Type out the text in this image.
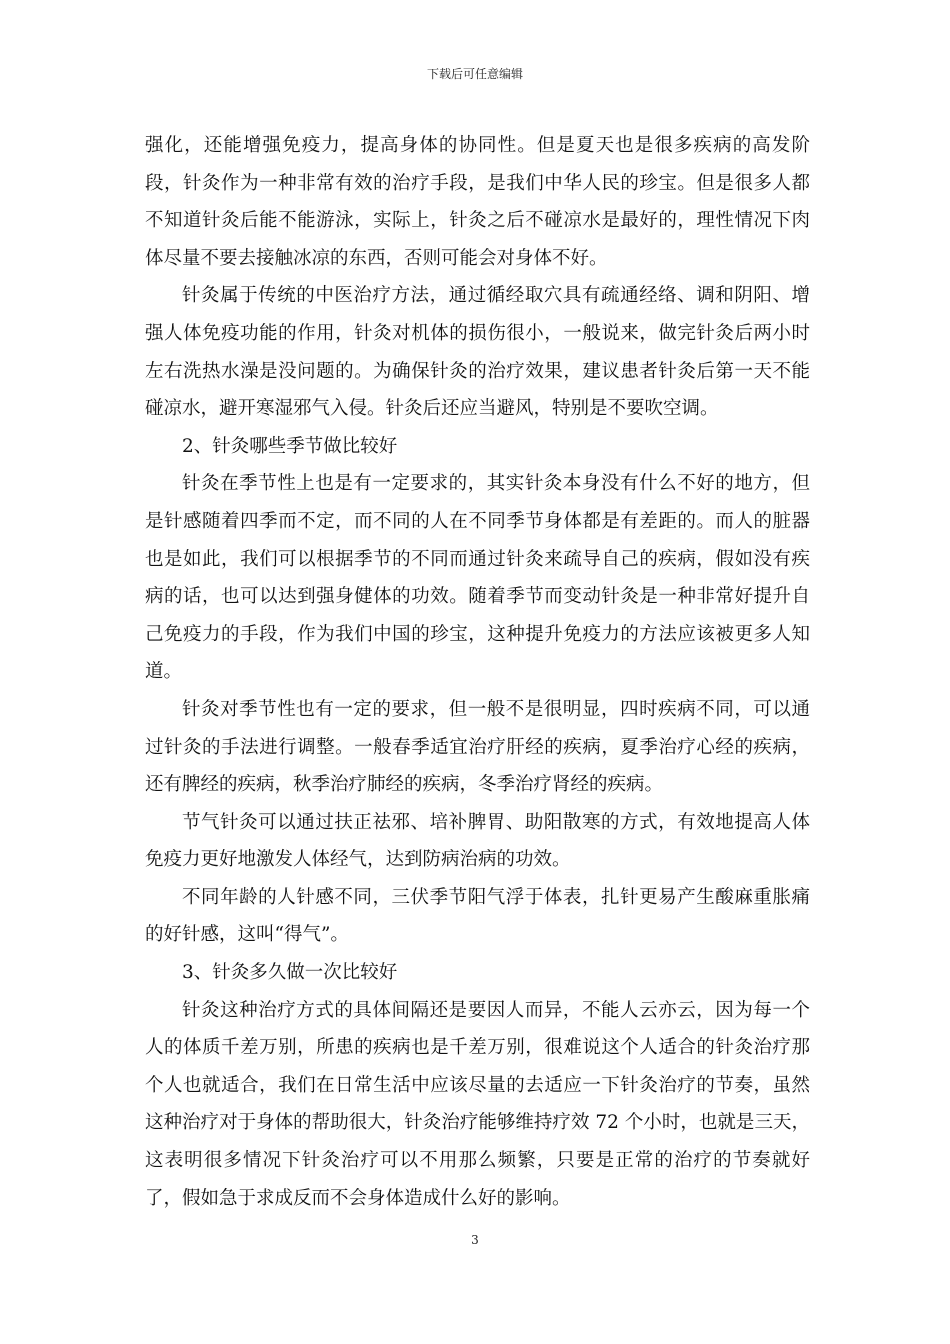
下载后可任意编辑

强化，还能增强免疫力，提高身体的协同性。但是夏天也是很多疾病的高发阶段，针灸作为一种非常有效的治疗手段，是我们中华人民的珍宝。但是很多人都不知道针灸后能不能游泳，实际上，针灸之后不碰凉水是最好的，理性情况下肉体尽量不要去接触冰凉的东西，否则可能会对身体不好。

针灸属于传统的中医治疗方法，通过循经取穴具有疏通经络、调和阴阳、增强人体免疫功能的作用，针灸对机体的损伤很小，一般说来，做完针灸后两小时左右洗热水澡是没问题的。为确保针灸的治疗效果，建议患者针灸后第一天不能碰凉水，避开寒湿邪气入侵。针灸后还应当避风，特别是不要吹空调。

2、针灸哪些季节做比较好

针灸在季节性上也是有一定要求的，其实针灸本身没有什么不好的地方，但是针感随着四季而不定，而不同的人在不同季节身体都是有差距的。而人的脏器也是如此，我们可以根据季节的不同而通过针灸来疏导自己的疾病，假如没有疾病的话，也可以达到强身健体的功效。随着季节而变动针灸是一种非常好提升自己免疫力的手段，作为我们中国的珍宝，这种提升免疫力的方法应该被更多人知道。

针灸对季节性也有一定的要求，但一般不是很明显，四时疾病不同，可以通过针灸的手法进行调整。一般春季适宜治疗肝经的疾病，夏季治疗心经的疾病，还有脾经的疾病，秋季治疗肺经的疾病，冬季治疗肾经的疾病。

节气针灸可以通过扶正祛邪、培补脾胃、助阳散寒的方式，有效地提高人体免疫力更好地激发人体经气，达到防病治病的功效。

不同年龄的人针感不同，三伏季节阳气浮于体表，扎针更易产生酸麻重胀痛的好针感，这叫“得气”。

3、针灸多久做一次比较好

针灸这种治疗方式的具体间隔还是要因人而异，不能人云亦云，因为每一个人的体质千差万别，所患的疾病也是千差万别，很难说这个人适合的针灸治疗那个人也就适合，我们在日常生活中应该尽量的去适应一下针灸治疗的节奏，虽然这种治疗对于身体的帮助很大，针灸治疗能够维持疗效 72 个小时，也就是三天，这表明很多情况下针灸治疗可以不用那么频繁，只要是正常的治疗的节奏就好了，假如急于求成反而不会身体造成什么好的影响。

3
